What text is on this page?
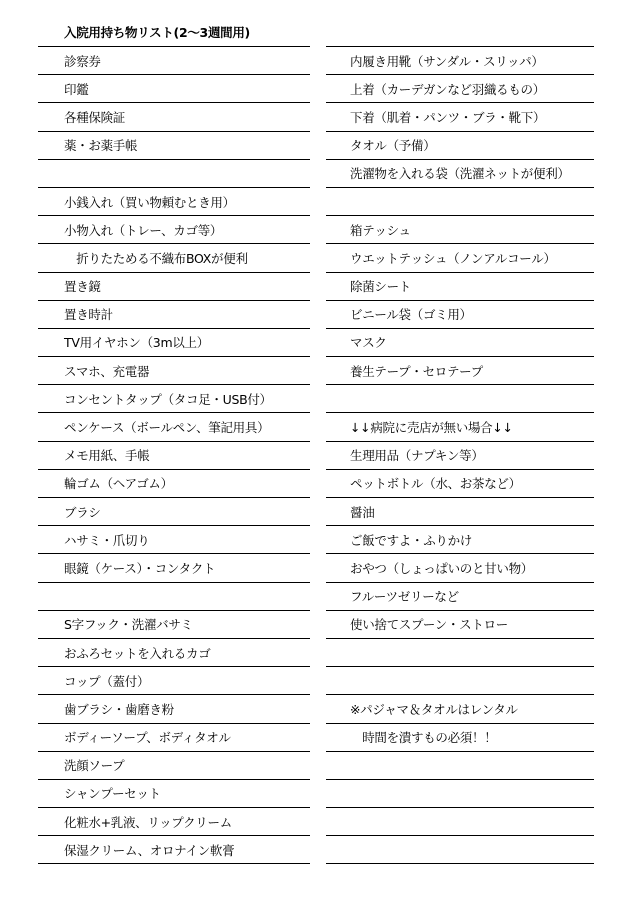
入院用持ち物リスト(2〜3週間用)
診察券
印鑑
各種保険証
薬・お薬手帳
小銭入れ（買い物頼むとき用）
小物入れ（トレー、カゴ等）
　折りたためる不織布BOXが便利
置き鏡
置き時計
TV用イヤホン（3m以上）
スマホ、充電器
コンセントタップ（タコ足・USB付）
ペンケース（ボールペン、筆記用具）
メモ用紙、手帳
輪ゴム（ヘアゴム）
ブラシ
ハサミ・爪切り
眼鏡（ケース）・コンタクト
S字フック・洗濯バサミ
おふろセットを入れるカゴ
コップ（蓋付）
歯ブラシ・歯磨き粉
ボディーソープ、ボディタオル
洗顔ソープ
シャンプーセット
化粧水+乳液、リップクリーム
保湿クリーム、オロナイン軟膏
内履き用靴（サンダル・スリッパ）
上着（カーデガンなど羽織るもの）
下着（肌着・パンツ・ブラ・靴下）
タオル（予備）
洗濯物を入れる袋（洗濯ネットが便利）
箱テッシュ
ウエットテッシュ（ノンアルコール）
除菌シート
ビニール袋（ゴミ用）
マスク
養生テープ・セロテープ
↓↓病院に売店が無い場合↓↓
生理用品（ナプキン等）
ペットボトル（水、お茶など）
醤油
ご飯ですよ・ふりかけ
おやつ（しょっぱいのと甘い物）
フルーツゼリーなど
使い捨てスプーン・ストロー
※パジャマ＆タオルはレンタル
　時間を潰すもの必須！！
